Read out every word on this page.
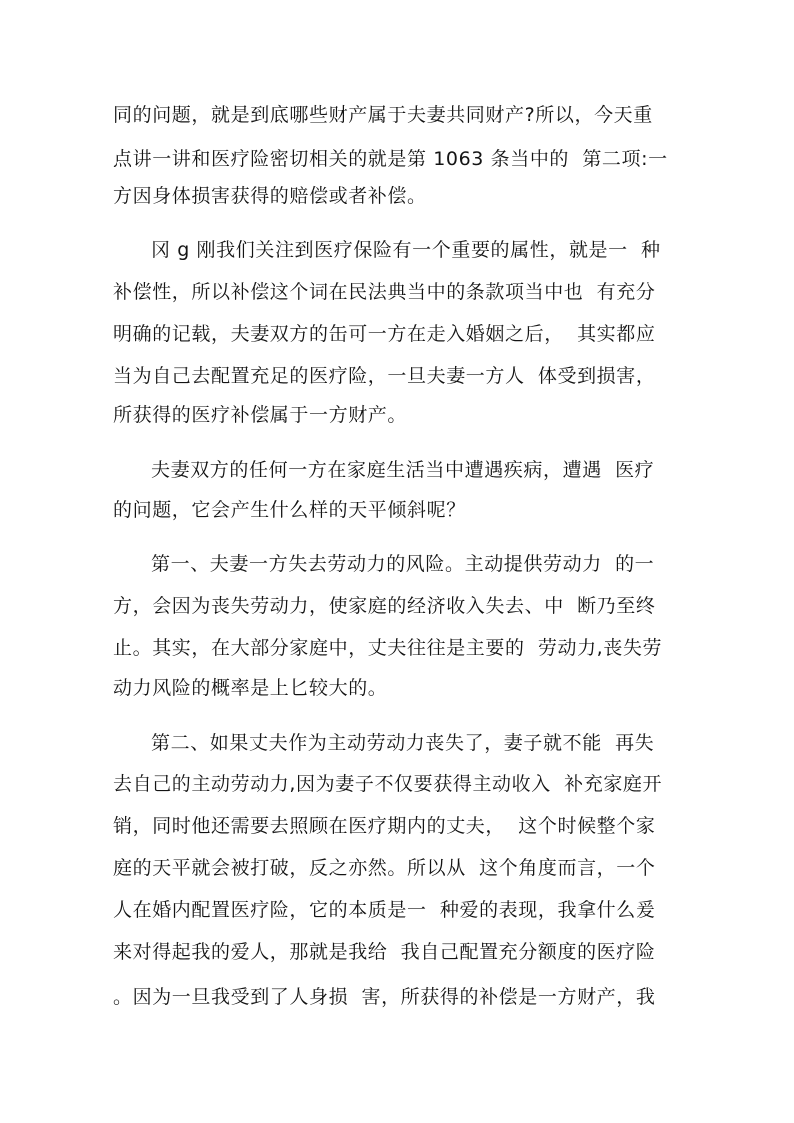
同的问题，就是到底哪些财产属于夫妻共同财产?所以，今天重
点讲一讲和医疗险密切相关的就是第 1063 条当中的  第二项:一
方因身体损害获得的赔偿或者补偿。
冈 g 刚我们关注到医疗保险有一个重要的属性，就是一  种
补偿性，所以补偿这个词在民法典当中的条款项当中也  有充分
明确的记载，夫妻双方的缶可一方在走入婚姻之后，  其实都应
当为自己去配置充足的医疗险，一旦夫妻一方人  体受到损害，
所获得的医疗补偿属于一方财产。
夫妻双方的任何一方在家庭生活当中遭遇疾病，遭遇  医疗
的问题，它会产生什么样的天平倾斜呢？
第一、夫妻一方失去劳动力的风险。主动提供劳动力  的一
方，会因为丧失劳动力，使家庭的经济收入失去、中  断乃至终
止。其实，在大部分家庭中，丈夫往往是主要的  劳动力,丧失劳
动力风险的概率是上匕较大的。
第二、如果丈夫作为主动劳动力丧失了，妻子就不能  再失
去自己的主动劳动力,因为妻子不仅要获得主动收入  补充家庭开
销，同时他还需要去照顾在医疗期内的丈夫，  这个时候整个家
庭的天平就会被打破，反之亦然。所以从  这个角度而言，一个
人在婚内配置医疗险，它的本质是一  种爱的表现，我拿什么爰
来对得起我的爱人，那就是我给  我自己配置充分额度的医疗险
。因为一旦我受到了人身损  害，所获得的补偿是一方财产，我
